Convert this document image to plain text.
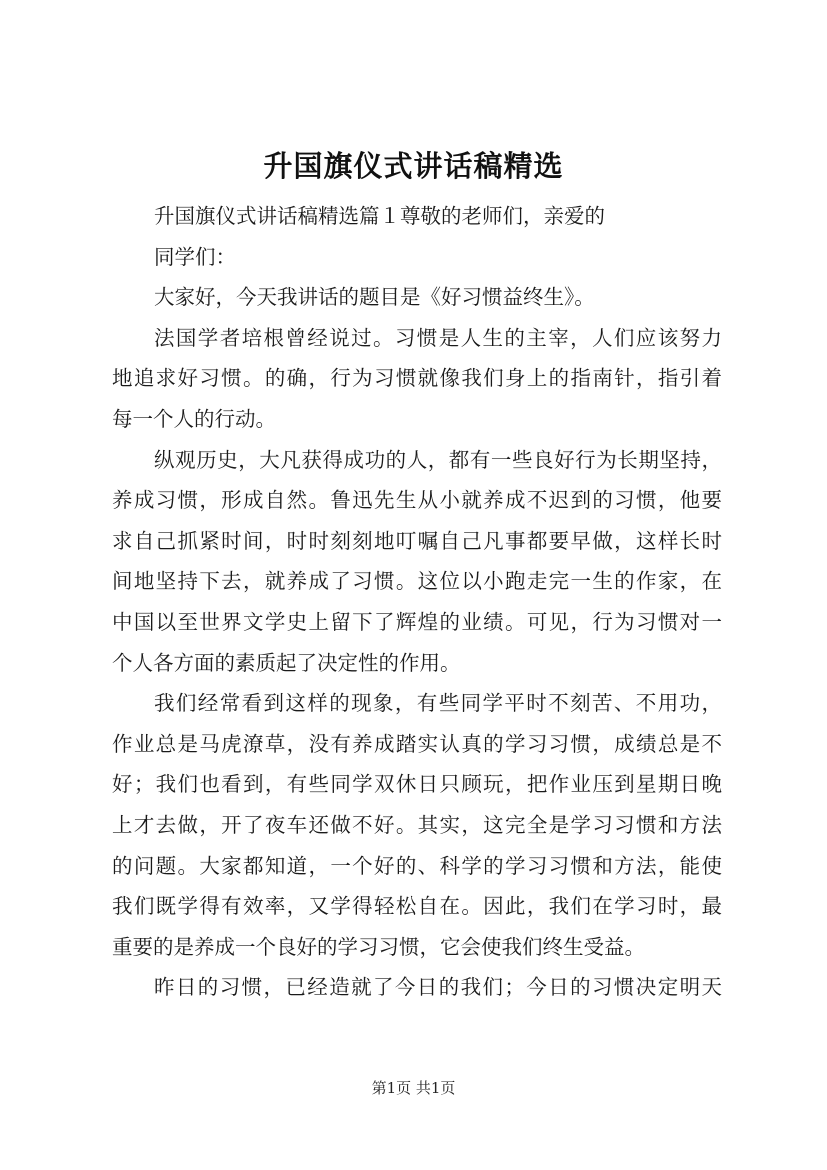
升国旗仪式讲话稿精选
升国旗仪式讲话稿精选篇１尊敬的老师们，亲爱的
同学们：
大家好，今天我讲话的题目是《好习惯益终生》。
法国学者培根曾经说过。习惯是人生的主宰，人们应该努力
地追求好习惯。的确，行为习惯就像我们身上的指南针，指引着
每一个人的行动。
纵观历史，大凡获得成功的人，都有一些良好行为长期坚持，
养成习惯，形成自然。鲁迅先生从小就养成不迟到的习惯，他要
求自己抓紧时间，时时刻刻地叮嘱自己凡事都要早做，这样长时
间地坚持下去，就养成了习惯。这位以小跑走完一生的作家，在
中国以至世界文学史上留下了辉煌的业绩。可见，行为习惯对一
个人各方面的素质起了决定性的作用。
我们经常看到这样的现象，有些同学平时不刻苦、不用功，
作业总是马虎潦草，没有养成踏实认真的学习习惯，成绩总是不
好；我们也看到，有些同学双休日只顾玩，把作业压到星期日晚
上才去做，开了夜车还做不好。其实，这完全是学习习惯和方法
的问题。大家都知道，一个好的、科学的学习习惯和方法，能使
我们既学得有效率，又学得轻松自在。因此，我们在学习时，最
重要的是养成一个良好的学习习惯，它会使我们终生受益。
昨日的习惯，已经造就了今日的我们；今日的习惯决定明天
第1页 共1页
